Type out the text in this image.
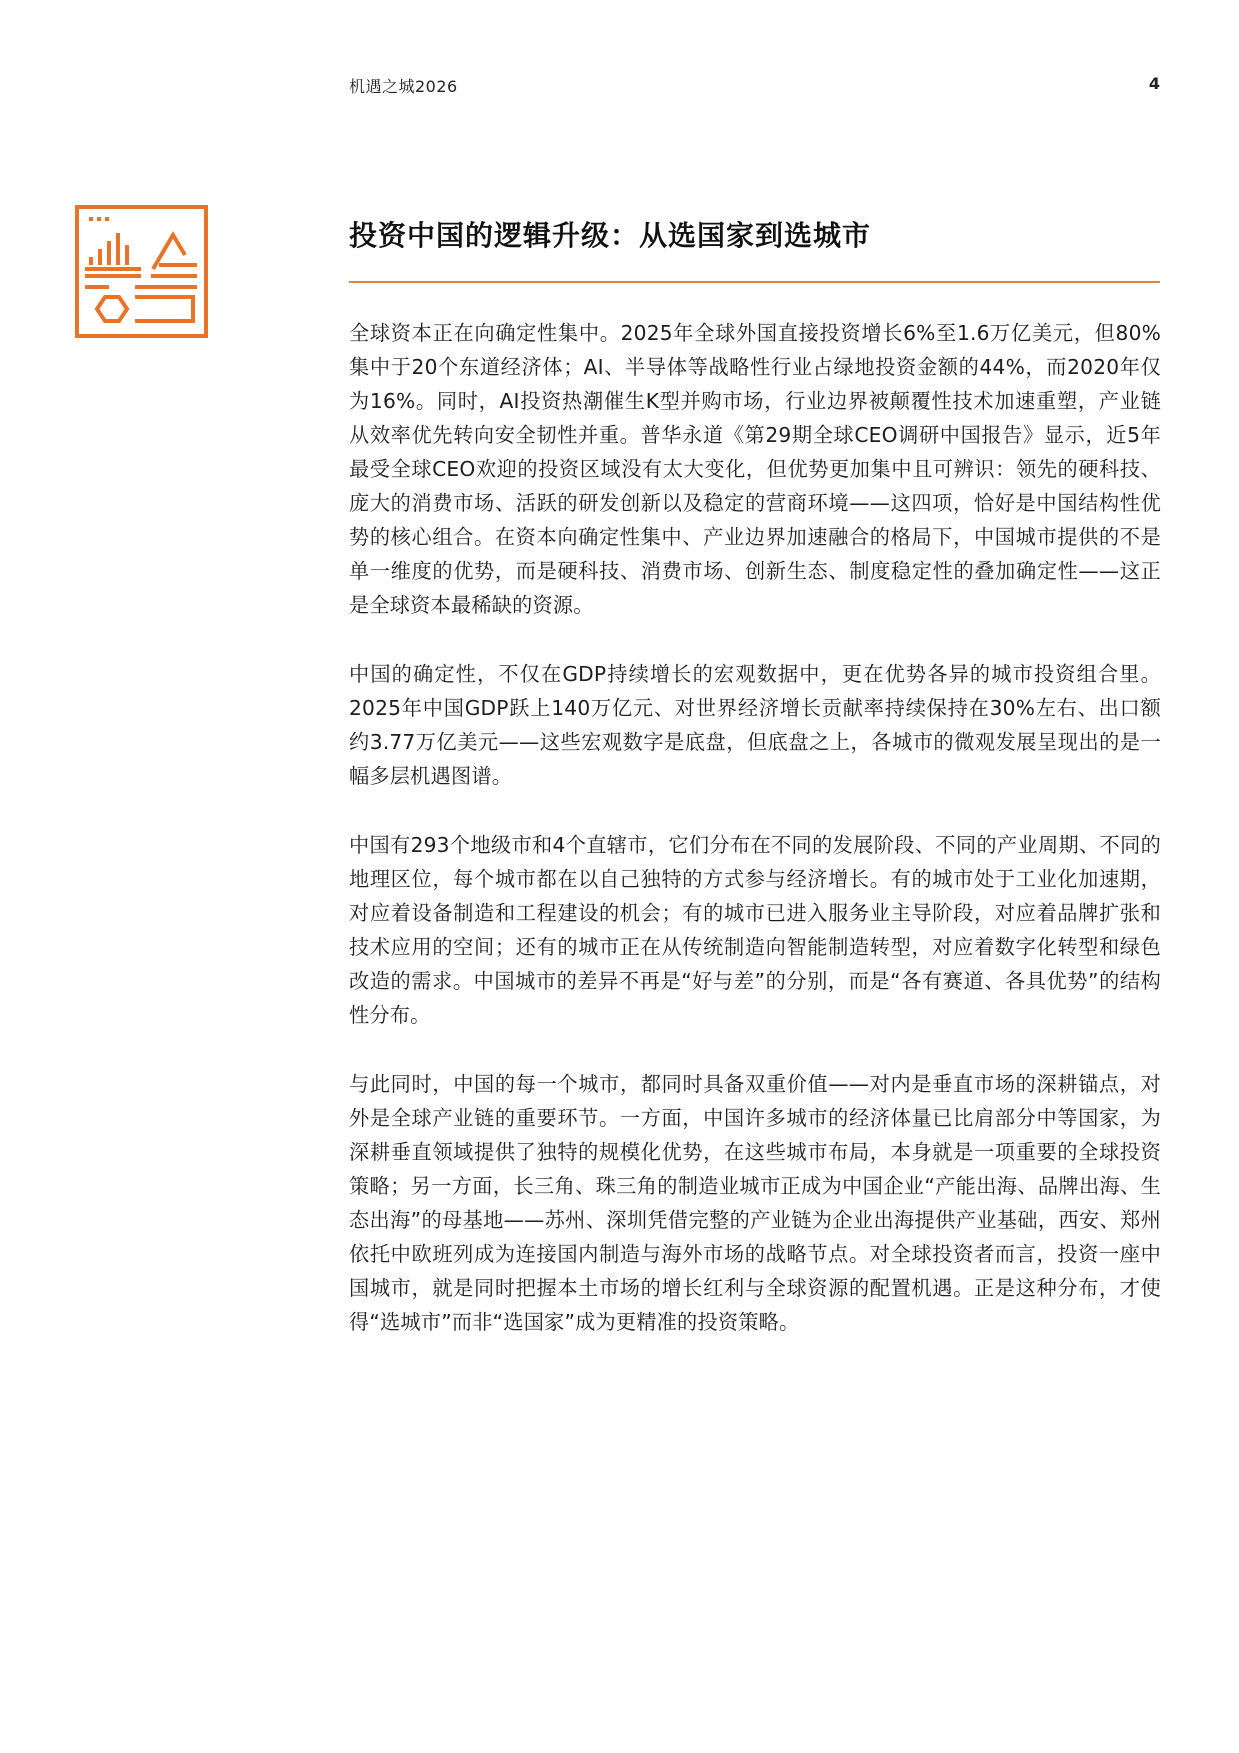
机遇之城2026	4
投资中国的逻辑升级：从选国家到选城市

全球资本正在向确定性集中。2025年全球外国直接投资增长6%至1.6万亿美元，但80%集中于20个东道经济体；AI、半导体等战略性行业占绿地投资金额的44%，而2020年仅为16%。同时，AI投资热潮催生K型并购市场，行业边界被颠覆性技术加速重塑，产业链从效率优先转向安全韧性并重。普华永道《第29期全球CEO调研中国报告》显示，近5年最受全球CEO欢迎的投资区域没有太大变化，但优势更加集中且可辨识：领先的硬科技、庞大的消费市场、活跃的研发创新以及稳定的营商环境——这四项，恰好是中国结构性优势的核心组合。在资本向确定性集中、产业边界加速融合的格局下，中国城市提供的不是单一维度的优势，而是硬科技、消费市场、创新生态、制度稳定性的叠加确定性——这正是全球资本最稀缺的资源。

中国的确定性，不仅在GDP持续增长的宏观数据中，更在优势各异的城市投资组合里。2025年中国GDP跃上140万亿元、对世界经济增长贡献率持续保持在30%左右、出口额约3.77万亿美元——这些宏观数字是底盘，但底盘之上，各城市的微观发展呈现出的是一幅多层机遇图谱。

中国有293个地级市和4个直辖市，它们分布在不同的发展阶段、不同的产业周期、不同的地理区位，每个城市都在以自己独特的方式参与经济增长。有的城市处于工业化加速期，对应着设备制造和工程建设的机会；有的城市已进入服务业主导阶段，对应着品牌扩张和技术应用的空间；还有的城市正在从传统制造向智能制造转型，对应着数字化转型和绿色改造的需求。中国城市的差异不再是“好与差”的分别，而是“各有赛道、各具优势”的结构性分布。

与此同时，中国的每一个城市，都同时具备双重价值——对内是垂直市场的深耕锚点，对外是全球产业链的重要环节。一方面，中国许多城市的经济体量已比肩部分中等国家，为深耕垂直领域提供了独特的规模化优势，在这些城市布局，本身就是一项重要的全球投资策略；另一方面，长三角、珠三角的制造业城市正成为中国企业“产能出海、品牌出海、生态出海”的母基地——苏州、深圳凭借完整的产业链为企业出海提供产业基础，西安、郑州依托中欧班列成为连接国内制造与海外市场的战略节点。对全球投资者而言，投资一座中国城市，就是同时把握本土市场的增长红利与全球资源的配置机遇。正是这种分布，才使得“选城市”而非“选国家”成为更精准的投资策略。
